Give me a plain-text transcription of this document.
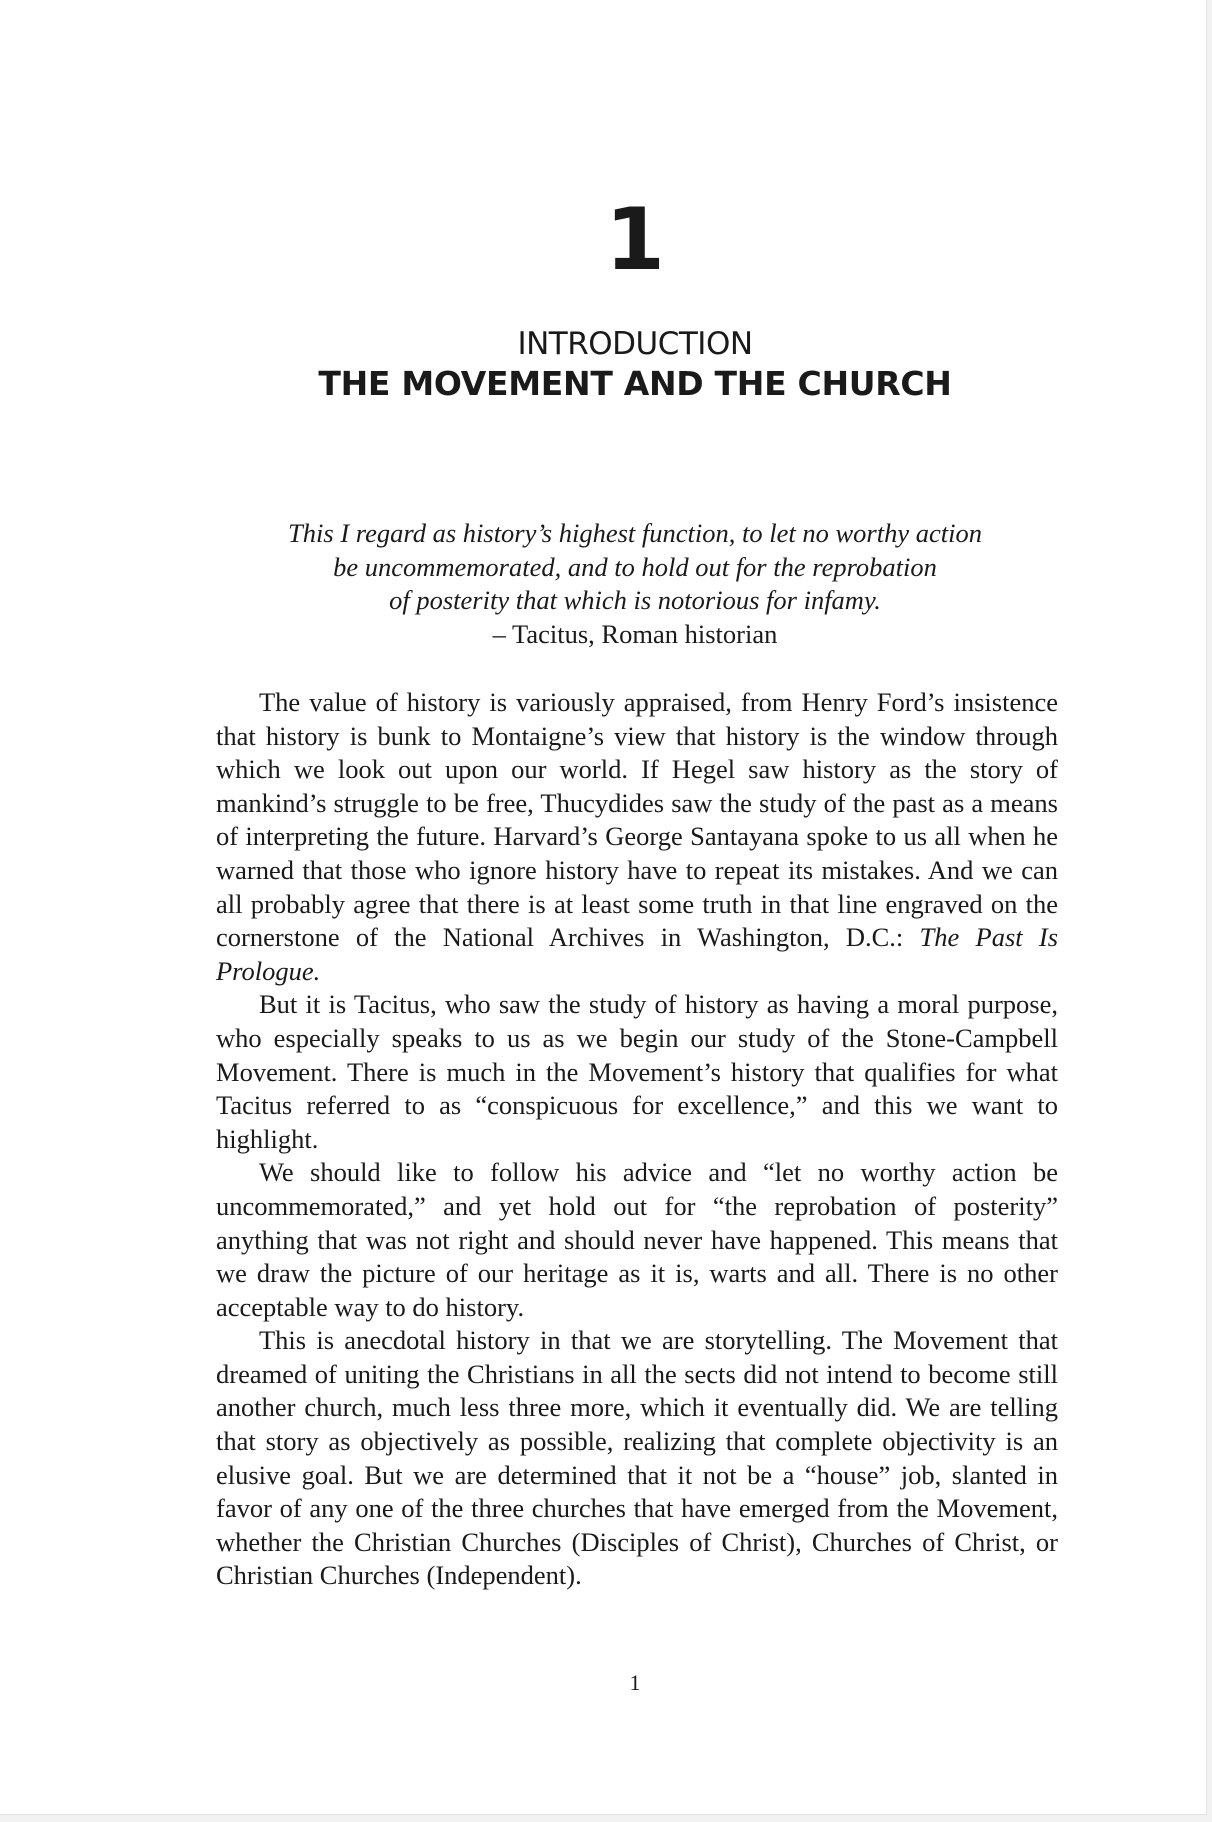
1
INTRODUCTION
THE MOVEMENT AND THE CHURCH
This I regard as history’s highest function, to let no worthy action
be uncommemorated, and to hold out for the reprobation
of posterity that which is notorious for infamy.
– Tacitus, Roman historian

The value of history is variously appraised, from Henry Ford’s insistence that history is bunk to Montaigne’s view that history is the window through which we look out upon our world. If Hegel saw history as the story of mankind’s struggle to be free, Thucydides saw the study of the past as a means of interpreting the future. Harvard’s George Santayana spoke to us all when he warned that those who ignore history have to repeat its mistakes. And we can all probably agree that there is at least some truth in that line engraved on the cornerstone of the National Archives in Washington, D.C.: The Past Is Prologue.

But it is Tacitus, who saw the study of history as having a moral purpose, who especially speaks to us as we begin our study of the Stone-Campbell Movement. There is much in the Movement’s history that qualifies for what Tacitus referred to as “conspicuous for excellence,” and this we want to highlight.

We should like to follow his advice and “let no worthy action be uncommemorated,” and yet hold out for “the reprobation of posterity” anything that was not right and should never have happened. This means that we draw the picture of our heritage as it is, warts and all. There is no other acceptable way to do history.

This is anecdotal history in that we are storytelling. The Movement that dreamed of uniting the Christians in all the sects did not intend to become still another church, much less three more, which it eventually did. We are telling that story as objectively as possible, realizing that complete objectivity is an elusive goal. But we are determined that it not be a “house” job, slanted in favor of any one of the three churches that have emerged from the Movement, whether the Christian Churches (Disciples of Christ), Churches of Christ, or Christian Churches (Independent).

1
